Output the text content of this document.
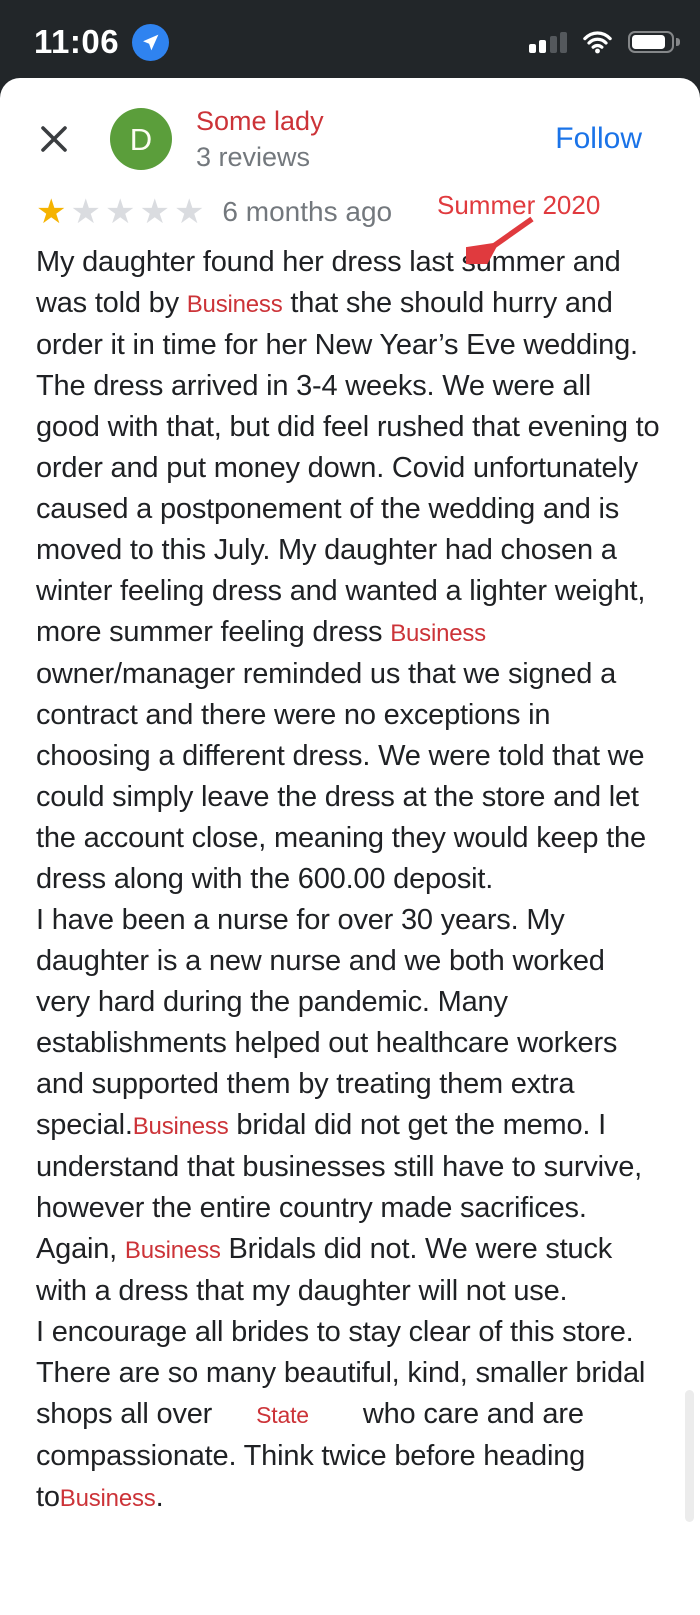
11:06
D
Some lady
3 reviews
Follow
★ ★ ★ ★ ★ 6 months ago Summer 2020

My daughter found her dress last summer and was told by Business that she should hurry and order it in time for her New Year’s Eve wedding. The dress arrived in 3-4 weeks. We were all good with that, but did feel rushed that evening to order and put money down. Covid unfortunately caused a postponement of the wedding and is moved to this July. My daughter had chosen a winter feeling dress and wanted a lighter weight, more summer feeling dress Business owner/manager reminded us that we signed a contract and there were no exceptions in choosing a different dress. We were told that we could simply leave the dress at the store and let the account close, meaning they would keep the dress along with the 600.00 deposit.

I have been a nurse for over 30 years. My daughter is a new nurse and we both worked very hard during the pandemic. Many establishments helped out healthcare workers and supported them by treating them extra special.Business bridal did not get the memo. I understand that businesses still have to survive, however the entire country made sacrifices. Again, Business Bridals did not. We were stuck with a dress that my daughter will not use.

I encourage all brides to stay clear of this store. There are so many beautiful, kind, smaller bridal shops all over State who care and are compassionate. Think twice before heading toBusiness.
